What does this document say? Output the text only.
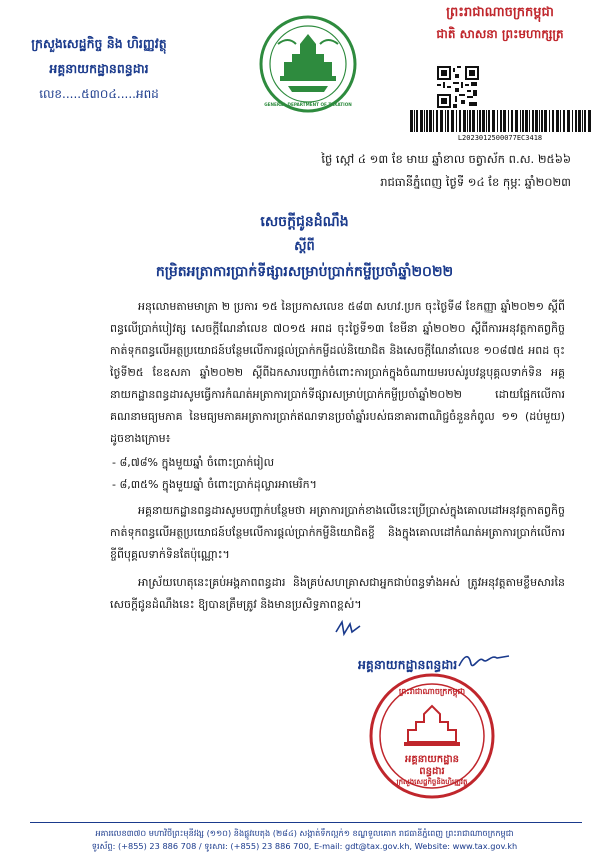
ក្រសួងសេដ្ឋកិច្ច និង ហិរញ្ញវត្ថុ
អគ្គនាយកដ្ឋានពន្ធដារ
លេខ.....៥៣០៤.....អពដ
GENERAL DEPARTMENT OF TAXATION
ព្រះរាជាណាចក្រកម្ពុជា
ជាតិ សាសនា ព្រះមហាក្សត្រ
L2023012500077EC3418
ថ្ងៃ ស្កៅ ៤ ១៣ ខែ មាឃ ឆ្នាំខាល ចត្វាស័ក ព.ស. ២៥៦៦
រាជធានីភ្នំពេញ ថ្ងៃទី ១៤ ខែ កុម្ភៈ ឆ្នាំ២០២៣
សេចក្តីជូនដំណឹង
ស្តីពី
កម្រិតអត្រាការប្រាក់ទីផ្សារសម្រាប់ប្រាក់កម្ចីប្រចាំឆ្នាំ២០២២

អនុលោមតាមមាត្រា ២ ប្រការ ១៥ នៃប្រកាសលេខ ៥៨៣ សហវ.ប្រក ចុះថ្ងៃទី៨ ខែកញ្ញា ឆ្នាំ២០២១ ស្តីពីពន្ធលើប្រាក់បៀវត្ស សេចក្តីណែនាំលេខ ៧០១៥ អពដ ចុះថ្ងៃទី១៣ ខែមីនា ឆ្នាំ២០២០ ស្តីពីការអនុវត្តកាតព្វកិច្ចកាត់ទុកពន្ធលើអត្ថប្រយោជន៍បន្ថែមលើការផ្តល់ប្រាក់កម្ចីដល់និយោជិត និងសេចក្តីណែនាំលេខ ១០៨៧៥ អពដ ចុះថ្ងៃទី២៥ ខែឧសភា ឆ្នាំ២០២២ ស្តីពីឯកសារបញ្ជាក់ចំពោះការប្រាក់ក្នុងចំណាយមរបស់រូបវន្តបុគ្គលទាក់ទិន អគ្គនាយកដ្ឋានពន្ធដារសូមធ្វើការកំណត់អត្រាការប្រាក់ទីផ្សារសម្រាប់ប្រាក់កម្ចីប្រចាំឆ្នាំ២០២២ ដោយផ្អែកលើការគណនាមធ្យមភាគ នៃមធ្យមភាគអត្រាការប្រាក់ឥណទានប្រចាំឆ្នាំរបស់ធនាគារពាណិជ្ជចំនួនកំពូល ១១ (ដប់មួយ) ដូចខាងក្រោម៖

- ៨,៧៨% ក្នុងមួយឆ្នាំ ចំពោះប្រាក់រៀល
- ៨,៣៥% ក្នុងមួយឆ្នាំ ចំពោះប្រាក់ដុល្លារអាមេរិក។

អគ្គនាយកដ្ឋានពន្ធដារសូមបញ្ជាក់បន្ថែមថា អត្រាការប្រាក់ខាងលើនេះប្រើប្រាស់ក្នុងគោលដៅអនុវត្តកាតព្វកិច្ចកាត់ទុកពន្ធលើអត្ថប្រយោជន៍បន្ថែមលើការផ្តល់ប្រាក់កម្ចីនិយោជិតខ្ចី និងក្នុងគោលដៅកំណត់អត្រាការប្រាក់លើការខ្ចីពីបុគ្គលទាក់ទិនតែប៉ុណ្ណោះ។

អាស្រ័យហេតុនេះគ្រប់អង្គភាពពន្ធដារ និងគ្រប់សហគ្រាសជាអ្នកជាប់ពន្ធទាំងអស់ ត្រូវអនុវត្តតាមខ្លឹមសារនៃសេចក្តីជូនដំណឹងនេះ ឱ្យបានត្រឹមត្រូវ និងមានប្រសិទ្ធភាពខ្ពស់។

អគ្គនាយកដ្ឋានពន្ធដារ
ព្រះរាជាណាចក្រកម្ពុជា
អគ្គនាយកដ្ឋាន
ពន្ធដារ
ក្រសួងសេដ្ឋកិច្ចនិងហិរញ្ញវត្ថុ
អគារលេខ៣៧០ មហាវិថីព្រះមុនីវង្ស (១១០) និងផ្លូវបេតុង (២៨៤) សង្កាត់ទឹកល្អក់១ ខណ្ឌទួលគោក រាជធានីភ្នំពេញ ព្រះរាជាណាចក្រកម្ពុជា
ទូរស័ព្ទ: (+855) 23 886 708 / ទូរសារ: (+855) 23 886 700, E-mail: gdt@tax.gov.kh, Website: www.tax.gov.kh
